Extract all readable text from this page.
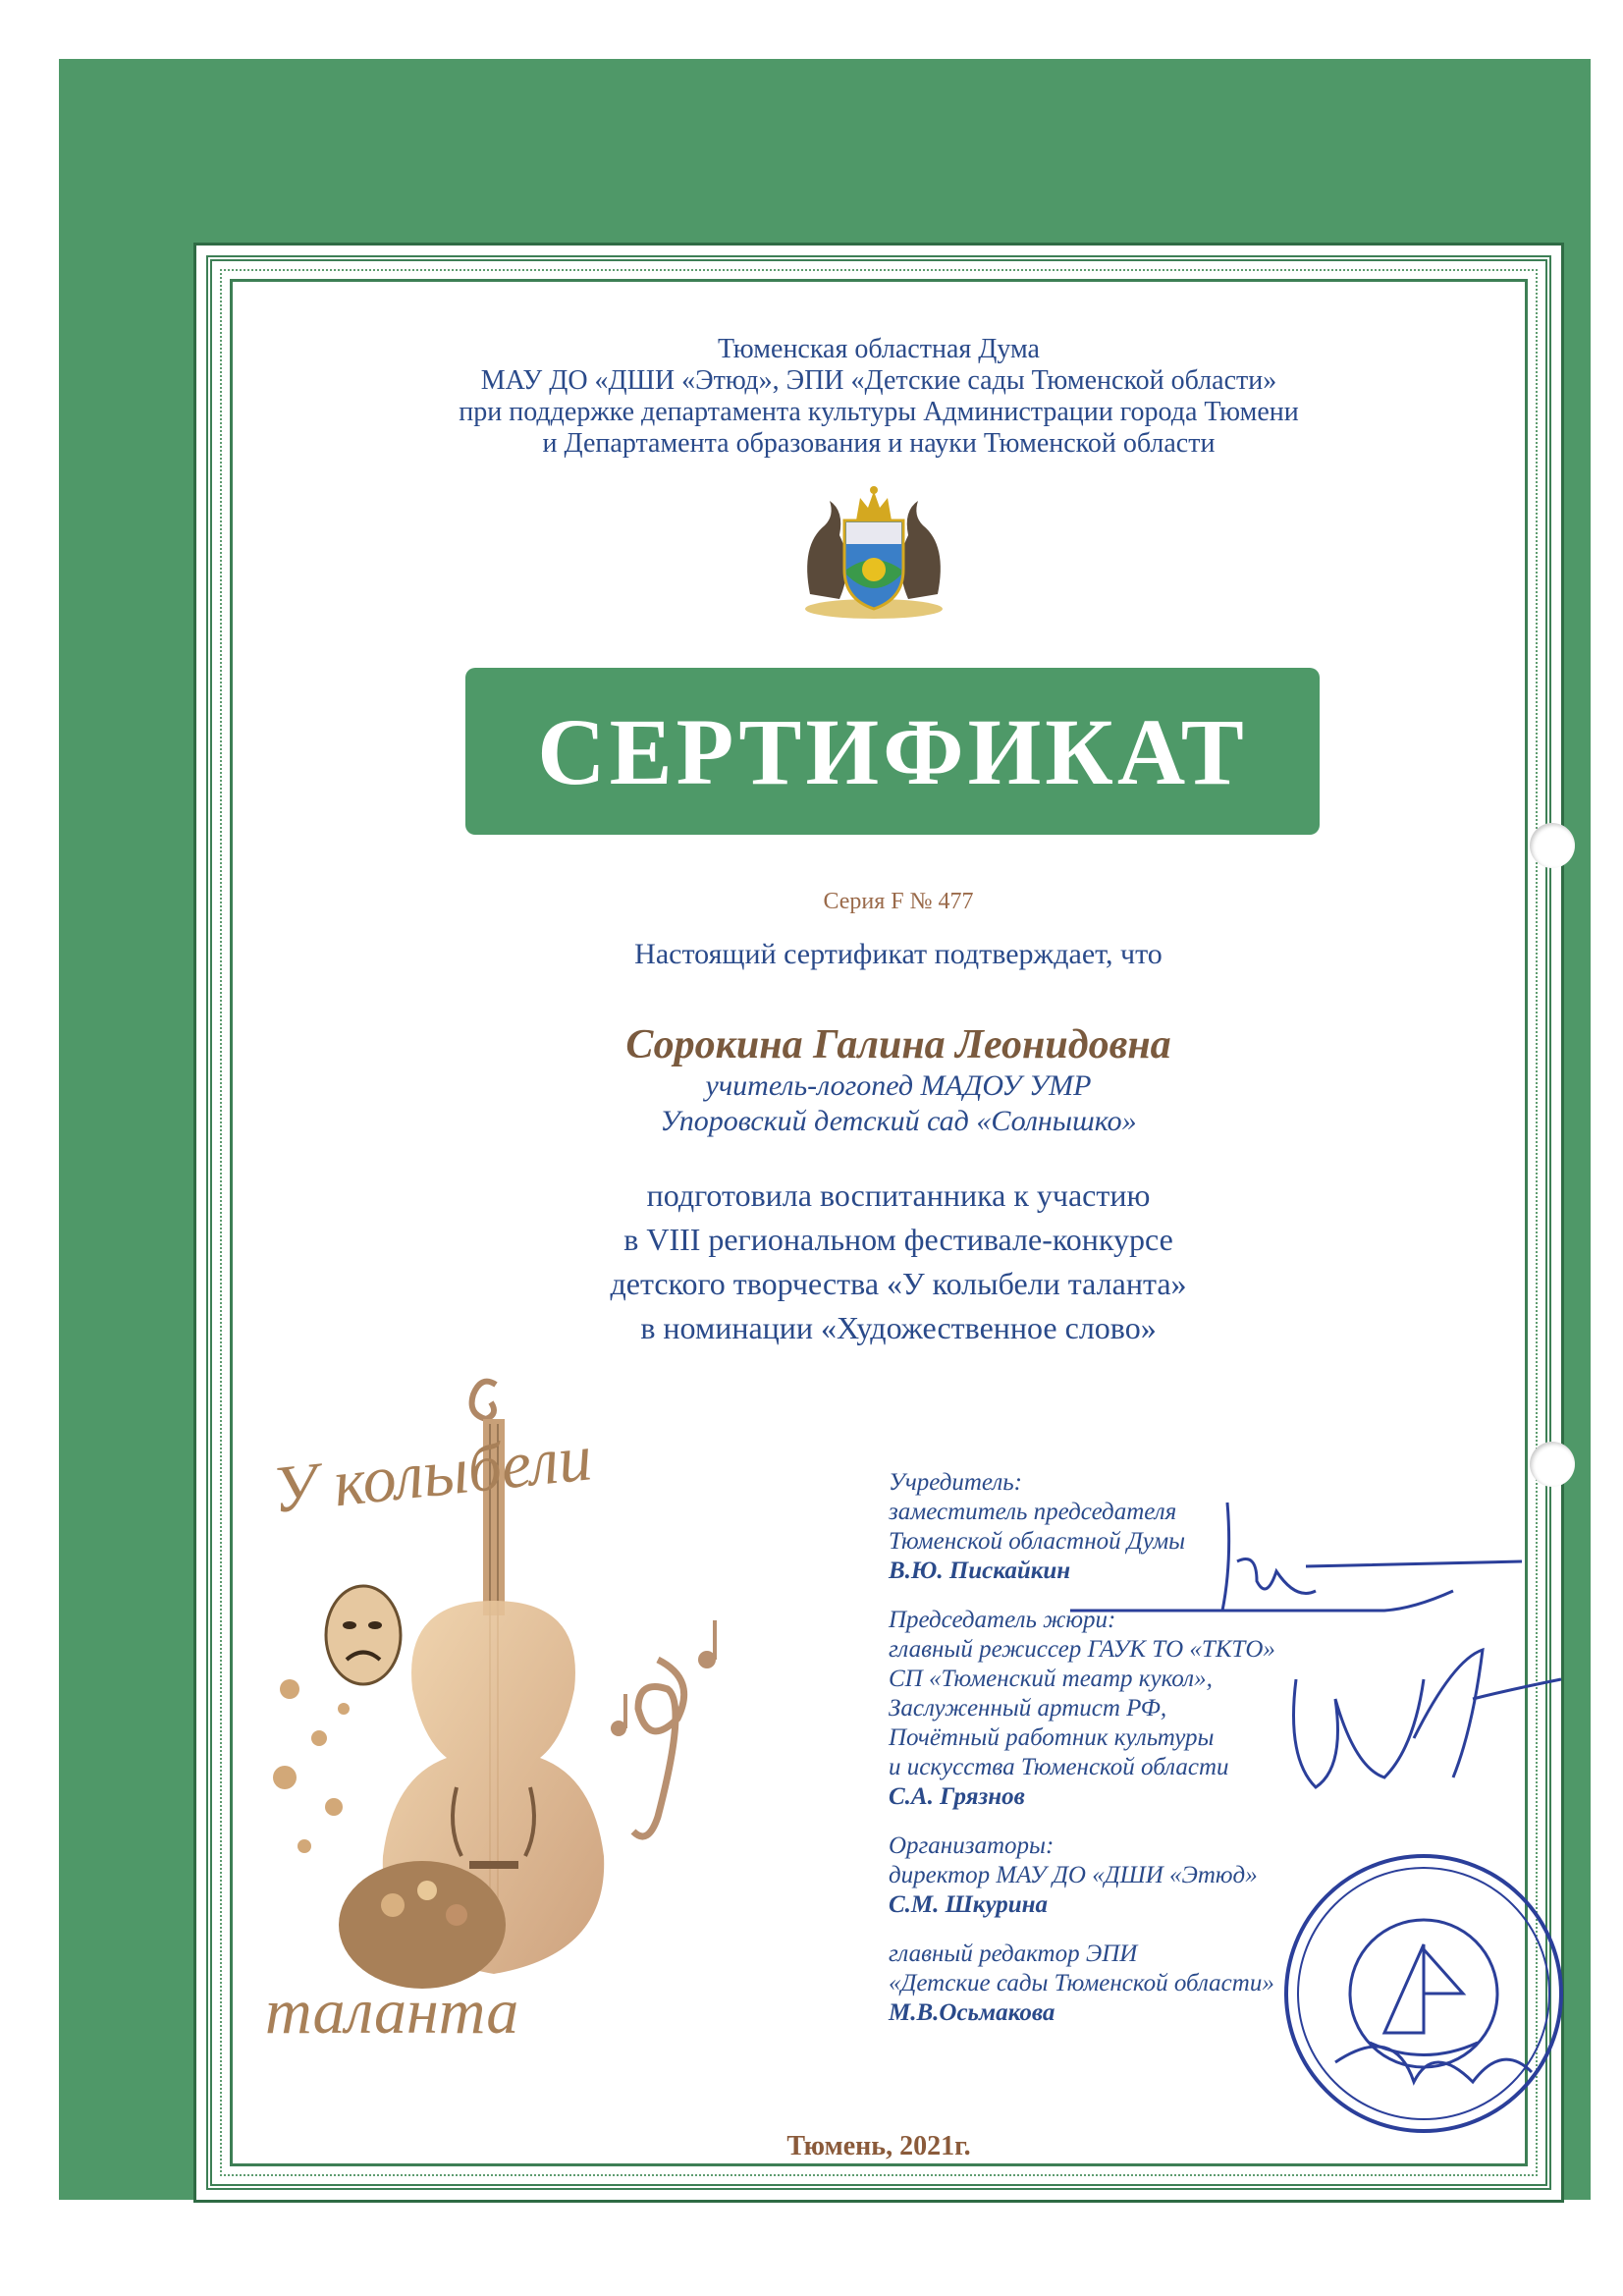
Тюменская областная Дума
МАУ ДО «ДШИ «Этюд», ЭПИ «Детские сады Тюменской области»
при поддержке департамента культуры Администрации города Тюмени
и Департамента образования и науки Тюменской области
СЕРТИФИКАТ
Серия F № 477
Настоящий сертификат подтверждает, что
Сорокина Галина Леонидовна
учитель-логопед МАДОУ УМР
Упоровский детский сад «Солнышко»
подготовила воспитанника к участию
в VIII региональном фестивале-конкурсе
детского творчества «У колыбели таланта»
в номинации «Художественное слово»
У колыбели
таланта
Учредитель:
заместитель председателя
Тюменской областной Думы
В.Ю. Пискайкин
Председатель жюри:
главный режиссер ГАУК ТО «ТКТО»
СП «Тюменский театр кукол»,
Заслуженный артист РФ,
Почётный работник культуры
и искусства Тюменской области
С.А. Грязнов
Организаторы:
директор МАУ ДО «ДШИ «Этюд»
С.М. Шкурина
главный редактор ЭПИ
«Детские сады Тюменской области»
М.В.Осьмакова
Тюмень, 2021г.
